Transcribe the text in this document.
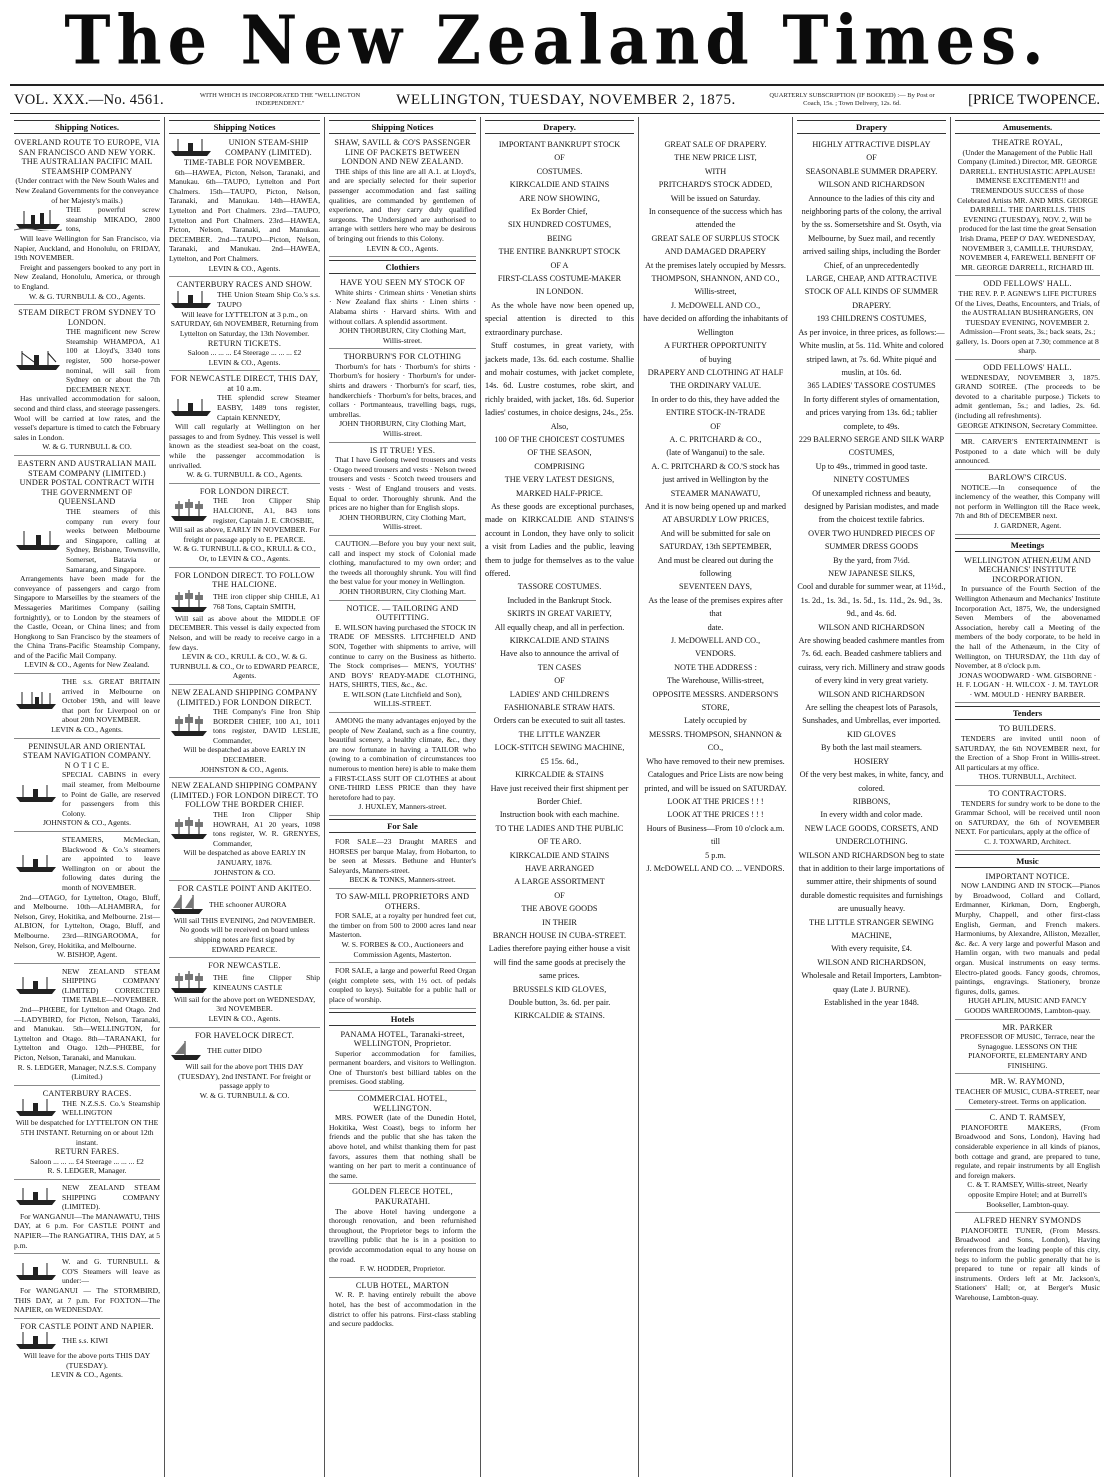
The New Zealand Times.
VOL. XXX.—No. 4561.	WITH WHICH IS INCORPORATED THE "WELLINGTON INDEPENDENT."	WELLINGTON, TUESDAY, NOVEMBER 2, 1875.	QUARTERLY SUBSCRIPTION (IF BOOKED) :— By Post or Coach, 15s. ; Town Delivery, 12s. 6d.	[PRICE TWOPENCE.
Shipping Notices.

OVERLAND ROUTE TO EUROPE, VIA SAN FRANCISCO AND NEW YORK.

THE AUSTRALIAN PACIFIC MAIL STEAMSHIP COMPANY

(Under contract with the New South Wales and New Zealand Governments for the conveyance of her Majesty's mails.)

THE powerful screw steamship MIKADO, 2800 tons,

Will leave Wellington for San Francisco, via Napier, Auckland, and Honolulu, on FRIDAY, 19th NOVEMBER.

Freight and passengers booked to any port in New Zealand, Honolulu, America, or through to England.

W. & G. TURNBULL & CO., Agents.

STEAM DIRECT FROM SYDNEY TO LONDON.

THE magnificent new Screw Steamship WHAMPOA, A1 100 at Lloyd's, 3340 tons register, 500 horse-power nominal, will sail from Sydney on or about the 7th DECEMBER NEXT.

Has unrivalled accommodation for saloon, second and third class, and steerage passengers. Wool will be carried at low rates, and the vessel's departure is timed to catch the February sales in London.

W. & G. TURNBULL & CO.

EASTERN AND AUSTRALIAN MAIL STEAM COMPANY (LIMITED.)

UNDER POSTAL CONTRACT WITH THE GOVERNMENT OF QUEENSLAND

THE steamers of this company run every four weeks between Melbourne and Singapore, calling at Sydney, Brisbane, Townsville, Somerset, Batavia or Samarang, and Singapore.

Arrangements have been made for the conveyance of passengers and cargo from Singapore to Marseilles by the steamers of the Messageries Maritimes Company (sailing fortnightly), or to London by the steamers of the Castle, Ocean, or China lines; and from Hongkong to San Francisco by the steamers of the China Trans-Pacific Steamship Company, and of the Pacific Mail Company.

LEVIN & CO., Agents for New Zealand.

THE s.s. GREAT BRITAIN arrived in Melbourne on October 19th, and will leave that port for Liverpool on or about 20th NOVEMBER.

LEVIN & CO., Agents.

PENINSULAR AND ORIENTAL STEAM NAVIGATION COMPANY.

N O T I C E.

SPECIAL CABINS in every mail steamer, from Melbourne to Point de Galle, are reserved for passengers from this Colony.

JOHNSTON & CO., Agents.

STEAMERS, McMeckan, Blackwood & Co.'s steamers are appointed to leave Wellington on or about the following dates during the month of NOVEMBER.

2nd—OTAGO, for Lyttelton, Otago, Bluff, and Melbourne. 10th—ALHAMBRA, for Nelson, Grey, Hokitika, and Melbourne. 21st—ALBION, for Lyttelton, Otago, Bluff, and Melbourne. 23rd—RINGAROOMA, for Nelson, Grey, Hokitika, and Melbourne.

W. BISHOP, Agent.

NEW ZEALAND STEAM SHIPPING COMPANY (LIMITED) CORRECTED TIME TABLE—NOVEMBER.

2nd—PHŒBE, for Lyttelton and Otago. 2nd—LADYBIRD, for Picton, Nelson, Taranaki, and Manukau. 5th—WELLINGTON, for Lyttelton and Otago. 8th—TARANAKI, for Lyttelton and Otago. 12th—PHŒBE, for Picton, Nelson, Taranaki, and Manukau.

R. S. LEDGER, Manager, N.Z.S.S. Company (Limited.)

CANTERBURY RACES.

THE N.Z.S.S. Co.'s Steamship WELLINGTON

Will be despatched for LYTTELTON ON THE 5TH INSTANT. Returning on or about 12th instant.

RETURN FARES.

Saloon ... ... ... £4 Steerage ... ... ... £2

R. S. LEDGER, Manager.

NEW ZEALAND STEAM SHIPPING COMPANY (LIMITED).

For WANGANUI—The MANAWATU, THIS DAY, at 6 p.m. For CASTLE POINT and NAPIER—The RANGATIRA, THIS DAY, at 5 p.m.

W. and G. TURNBULL & CO'S Steamers will leave as under:—

For WANGANUI — The STORMBIRD, THIS DAY, at 7 p.m. For FOXTON—The NAPIER, on WEDNESDAY.

FOR CASTLE POINT AND NAPIER.

THE s.s. KIWI

Will leave for the above ports THIS DAY (TUESDAY).

LEVIN & CO., Agents.

Shipping Notices

UNION STEAM-SHIP COMPANY (LIMITED).

TIME-TABLE FOR NOVEMBER.

6th—HAWEA, Picton, Nelson, Taranaki, and Manukau. 6th—TAUPO, Lyttelton and Port Chalmers. 15th—TAUPO, Picton, Nelson, Taranaki, and Manukau. 14th—HAWEA, Lyttelton and Port Chalmers. 23rd—TAUPO, Lyttelton and Port Chalmers. 23rd—HAWEA, Picton, Nelson, Taranaki, and Manukau. DECEMBER. 2nd—TAUPO—Picton, Nelson, Taranaki, and Manukau. 2nd—HAWEA, Lyttelton, and Port Chalmers.

LEVIN & CO., Agents.

CANTERBURY RACES AND SHOW.

THE Union Steam Ship Co.'s s.s. TAUPO

Will leave for LYTTELTON at 3 p.m., on SATURDAY, 6th NOVEMBER, Returning from Lyttelton on Saturday, the 13th November.

RETURN TICKETS.

Saloon ... ... ... £4 Steerage ... ... ... £2

LEVIN & CO., Agents.

FOR NEWCASTLE DIRECT, THIS DAY, at 10 a.m.

THE splendid screw Steamer EASBY, 1489 tons register, Captain KENNEDY,

Will call regularly at Wellington on her passages to and from Sydney. This vessel is well known as the steadiest sea-boat on the coast, while the passenger accommodation is unrivalled.

W. & G. TURNBULL & CO., Agents.

FOR LONDON DIRECT.

THE Iron Clipper Ship HALCIONE, A1, 843 tons register, Captain J. E. CROSBIE,

Will sail as above, EARLY IN NOVEMBER. For freight or passage apply to E. PEARCE.

W. & G. TURNBULL & CO., KRULL & CO., Or, to LEVIN & CO., Agents.

FOR LONDON DIRECT. TO FOLLOW THE HALCIONE.

THE iron clipper ship CHILE, A1 768 Tons, Captain SMITH,

Will sail as above about the MIDDLE OF DECEMBER. This vessel is daily expected from Nelson, and will be ready to receive cargo in a few days.

LEVIN & CO., KRULL & CO., W. & G. TURNBULL & CO., Or to EDWARD PEARCE, Agents.

NEW ZEALAND SHIPPING COMPANY (LIMITED.) FOR LONDON DIRECT.

THE Company's Fine Iron Ship BORDER CHIEF, 100 A1, 1011 tons register, DAVID LESLIE, Commander,

Will be despatched as above EARLY IN DECEMBER.

JOHNSTON & CO., Agents.

NEW ZEALAND SHIPPING COMPANY (LIMITED.) FOR LONDON DIRECT. TO FOLLOW THE BORDER CHIEF.

THE Iron Clipper Ship HOWRAH, A1 20 years, 1098 tons register, W. R. GRENYES, Commander,

Will be despatched as above EARLY IN JANUARY, 1876.

JOHNSTON & CO.

FOR CASTLE POINT AND AKITEO.

THE schooner AURORA

Will sail THIS EVENING, 2nd NOVEMBER. No goods will be received on board unless shipping notes are first signed by

EDWARD PEARCE.

FOR NEWCASTLE.

THE fine Clipper Ship KINEAUNS CASTLE

Will sail for the above port on WEDNESDAY, 3rd NOVEMBER.

LEVIN & CO., Agents.

FOR HAVELOCK DIRECT.

THE cutter DIDO

Will sail for the above port THIS DAY (TUESDAY), 2nd INSTANT. For freight or passage apply to

W. & G. TURNBULL & CO.

Shipping Notices

SHAW, SAVILL & CO'S PASSENGER LINE OF PACKETS BETWEEN LONDON AND NEW ZEALAND.

THE ships of this line are all A.1. at Lloyd's, and are specially selected for their superior passenger accommodation and fast sailing qualities, are commanded by gentlemen of experience, and they carry duly qualified surgeons. The Undersigned are authorised to arrange with settlers here who may be desirous of bringing out friends to this Colony.

LEVIN & CO., Agents.

Clothiers

HAVE YOU SEEN MY STOCK OF

White shirts · Crimean shirts · Venetian shirts · New Zealand flax shirts · Linen shirts · Alabama shirts · Harvard shirts. With and without collars. A splendid assortment.

JOHN THORBURN, City Clothing Mart, Willis-street.

THORBURN'S FOR CLOTHING

Thorburn's for hats · Thorburn's for shirts · Thorburn's for hosiery · Thorburn's for under-shirts and drawers · Thorburn's for scarf, ties, handkerchiefs · Thorburn's for belts, braces, and collars · Portmanteaus, travelling bags, rugs, umbrellas.

JOHN THORBURN, City Clothing Mart, Willis-street.

IS IT TRUE! YES.

That I have Geelong tweed trousers and vests · Otago tweed trousers and vests · Nelson tweed trousers and vests · Scotch tweed trousers and vests · West of England trousers and vests. Equal to order. Thoroughly shrunk. And the prices are no higher than for English slops.

JOHN THORBURN, City Clothing Mart, Willis-street.

CAUTION.—Before you buy your next suit, call and inspect my stock of Colonial made clothing, manufactured to my own order; and the tweeds all thoroughly shrunk. You will find the best value for your money in Wellington.

JOHN THORBURN, City Clothing Mart.

NOTICE. — TAILORING AND OUTFITTING.

E. WILSON having purchased the STOCK IN TRADE OF MESSRS. LITCHFIELD AND SON, Together with shipments to arrive, will continue to carry on the Business as hitherto. The Stock comprises— MEN'S, YOUTHS' AND BOYS' READY-MADE CLOTHING, HATS, SHIRTS, TIES, &c., &c.

E. WILSON (Late Litchfield and Son), WILLIS-STREET.

AMONG the many advantages enjoyed by the people of New Zealand, such as a fine country, beautiful scenery, a healthy climate, &c., they are now fortunate in having a TAILOR who (owing to a combination of circumstances too numerous to mention here) is able to make them a FIRST-CLASS SUIT OF CLOTHES at about ONE-THIRD LESS PRICE than they have heretofore had to pay.

J. HUXLEY, Manners-street.

For Sale

FOR SALE—23 Draught MARES and HORSES per barque Malay, from Hobarton, to be seen at Messrs. Bethune and Hunter's Saleyards, Manners-street.

BECK & TONKS, Manners-street.

TO SAW-MILL PROPRIETORS AND OTHERS.

FOR SALE, at a royalty per hundred feet cut, the timber on from 500 to 2000 acres land near Masterton.

W. S. FORBES & CO., Auctioneers and Commission Agents, Masterton.

FOR SALE, a large and powerful Reed Organ (eight complete sets, with 1½ oct. of pedals coupled to keys). Suitable for a public hall or place of worship.

Hotels

PANAMA HOTEL, Taranaki-street, WELLINGTON, Proprietor.

Superior accommodation for families, permanent boarders, and visitors to Wellington. One of Thurston's best billiard tables on the premises. Good stabling.

COMMERCIAL HOTEL, WELLINGTON.

MRS. POWER (late of the Dunedin Hotel, Hokitika, West Coast), begs to inform her friends and the public that she has taken the above hotel, and whilst thanking them for past favors, assures them that nothing shall be wanting on her part to merit a continuance of the same.

GOLDEN FLEECE HOTEL, PAKURATAHI.

The above Hotel having undergone a thorough renovation, and been refurnished throughout, the Proprietor begs to inform the travelling public that he is in a position to provide accommodation equal to any house on the road.

F. W. HODDER, Proprietor.

CLUB HOTEL, MARTON

W. R. P. having entirely rebuilt the above hotel, has the best of accommodation in the district to offer his patrons. First-class stabling and secure paddocks.

Drapery.

IMPORTANT BANKRUPT STOCK

OF

COSTUMES.

KIRKCALDIE AND STAINS

ARE NOW SHOWING,

Ex Border Chief,

SIX HUNDRED COSTUMES,

BEING

THE ENTIRE BANKRUPT STOCK

OF A

FIRST-CLASS COSTUME-MAKER

IN LONDON.

As the whole have now been opened up, special attention is directed to this extraordinary purchase.

Stuff costumes, in great variety, with jackets made, 13s. 6d. each costume. Shallie and mohair costumes, with jacket complete, 14s. 6d. Lustre costumes, robe skirt, and richly braided, with jacket, 18s. 6d. Superior ladies' costumes, in choice designs, 24s., 25s.

Also,

100 OF THE CHOICEST COSTUMES

OF THE SEASON,

COMPRISING

THE VERY LATEST DESIGNS,

MARKED HALF-PRICE.

As these goods are exceptional purchases, made on KIRKCALDIE AND STAINS'S account in London, they have only to solicit a visit from Ladies and the public, leaving them to judge for themselves as to the value offered.

TASSORE COSTUMES.

Included in the Bankrupt Stock.

SKIRTS IN GREAT VARIETY,

All equally cheap, and all in perfection.

KIRKCALDIE AND STAINS

Have also to announce the arrival of

TEN CASES

OF

LADIES' AND CHILDREN'S

FASHIONABLE STRAW HATS.

Orders can be executed to suit all tastes.

THE LITTLE WANZER

LOCK-STITCH SEWING MACHINE,

£5 15s. 6d.,

KIRKCALDIE & STAINS

Have just received their first shipment per Border Chief.

Instruction book with each machine.

TO THE LADIES AND THE PUBLIC

OF TE ARO.

KIRKCALDIE AND STAINS

HAVE ARRANGED

A LARGE ASSORTMENT

OF

THE ABOVE GOODS

IN THEIR

BRANCH HOUSE IN CUBA-STREET.

Ladies therefore paying either house a visit will find the same goods at precisely the same prices.

BRUSSELS KID GLOVES,

Double button, 3s. 6d. per pair.

KIRKCALDIE & STAINS.

GREAT SALE OF DRAPERY.

THE NEW PRICE LIST,

WITH

PRITCHARD'S STOCK ADDED,

Will be issued on Saturday.

In consequence of the success which has

attended the

GREAT SALE OF SURPLUS STOCK

AND DAMAGED DRAPERY

At the premises lately occupied by Messrs.

THOMPSON, SHANNON, AND CO., Willis-street,

J. McDOWELL AND CO.,

have decided on affording the inhabitants of

Wellington

A FURTHER OPPORTUNITY

of buying

DRAPERY AND CLOTHING AT HALF

THE ORDINARY VALUE.

In order to do this, they have added the

ENTIRE STOCK-IN-TRADE

OF

A. C. PRITCHARD & CO.,

(late of Wanganui) to the sale.

A. C. PRITCHARD & CO.'S stock has

just arrived in Wellington by the

STEAMER MANAWATU,

And it is now being opened up and marked

AT ABSURDLY LOW PRICES,

And will be submitted for sale on

SATURDAY, 13th SEPTEMBER,

And must be cleared out during the following

SEVENTEEN DAYS,

As the lease of the premises expires after that

date.

J. McDOWELL AND CO.,

VENDORS.

NOTE THE ADDRESS :

The Warehouse, Willis-street,

OPPOSITE MESSRS. ANDERSON'S

STORE,

Lately occupied by

MESSRS. THOMPSON, SHANNON & CO.,

Who have removed to their new premises.

Catalogues and Price Lists are now being

printed, and will be issued on SATURDAY.

LOOK AT THE PRICES ! ! !

LOOK AT THE PRICES ! ! !

Hours of Business—From 10 o'clock a.m. till

5 p.m.

J. McDOWELL AND CO. ... VENDORS.

Drapery

HIGHLY ATTRACTIVE DISPLAY

OF

SEASONABLE SUMMER DRAPERY.

WILSON AND RICHARDSON

Announce to the ladies of this city and neighboring parts of the colony, the arrival by the ss. Somersetshire and St. Osyth, via Melbourne, by Suez mail, and recently arrived sailing ships, including the Border Chief, of an unprecedentedly

LARGE, CHEAP, AND ATTRACTIVE STOCK OF ALL KINDS OF SUMMER DRAPERY.

193 CHILDREN'S COSTUMES,

As per invoice, in three prices, as follows:—

White muslin, at 5s. 11d. White and colored striped lawn, at 7s. 6d. White piqué and muslin, at 10s. 6d.

365 LADIES' TASSORE COSTUMES

In forty different styles of ornamentation, and prices varying from 13s. 6d.; tablier complete, to 49s.

229 BALERNO SERGE AND SILK WARP COSTUMES,

Up to 49s., trimmed in good taste.

NINETY COSTUMES

Of unexampled richness and beauty, designed by Parisian modistes, and made from the choicest textile fabrics.

OVER TWO HUNDRED PIECES OF SUMMER DRESS GOODS

By the yard, from 7½d.

NEW JAPANESE SILKS,

Cool and durable for summer wear, at 11½d., 1s. 2d., 1s. 3d., 1s. 5d., 1s. 11d., 2s. 9d., 3s. 9d., and 4s. 6d.

WILSON AND RICHARDSON

Are showing beaded cashmere mantles from 7s. 6d. each. Beaded cashmere tabliers and cuirass, very rich. Millinery and straw goods of every kind in very great variety.

WILSON AND RICHARDSON

Are selling the cheapest lots of Parasols, Sunshades, and Umbrellas, ever imported.

KID GLOVES

By both the last mail steamers.

HOSIERY

Of the very best makes, in white, fancy, and colored.

RIBBONS,

In every width and color made.

NEW LACE GOODS, CORSETS, AND UNDERCLOTHING.

WILSON AND RICHARDSON beg to state that in addition to their large importations of summer attire, their shipments of sound durable domestic requisites and furnishings are unusually heavy.

THE LITTLE STRANGER SEWING MACHINE,

With every requisite, £4.

WILSON AND RICHARDSON,

Wholesale and Retail Importers, Lambton-quay (Late J. BURNE).

Established in the year 1848.

Amusements.

THEATRE ROYAL,

(Under the Management of the Public Hall Company (Limited.) Director, MR. GEORGE DARRELL. ENTHUSIASTIC APPLAUSE! IMMENSE EXCITEMENT!! and TREMENDOUS SUCCESS of those Celebrated Artists MR. AND MRS. GEORGE DARRELL. THE DARRELLS. THIS EVENING (TUESDAY), NOV. 2, Will be produced for the last time the great Sensation Irish Drama, PEEP O' DAY. WEDNESDAY, NOVEMBER 3, CAMILLE. THURSDAY, NOVEMBER 4, FAREWELL BENEFIT OF MR. GEORGE DARRELL, RICHARD III.

ODD FELLOWS' HALL.

THE REV. P. P. AGNEW'S LIFE PICTURES Of the Lives, Deaths, Encounters, and Trials, of the AUSTRALIAN BUSHRANGERS, ON TUESDAY EVENING, NOVEMBER 2. Admission—Front seats, 3s.; back seats, 2s.; gallery, 1s. Doors open at 7.30; commence at 8 sharp.

ODD FELLOWS' HALL.

WEDNESDAY, NOVEMBER 3, 1875. GRAND SOIREE. (The proceeds to be devoted to a charitable purpose.) Tickets to admit gentleman, 5s.; and ladies, 2s. 6d. (including all refreshments).

GEORGE ATKINSON, Secretary Committee.

MR. CARVER'S ENTERTAINMENT is Postponed to a date which will be duly announced.

BARLOW'S CIRCUS.

NOTICE.—In consequence of the inclemency of the weather, this Company will not perform in Wellington till the Race week, 7th and 8th of DECEMBER next.

J. GARDNER, Agent.

Meetings

WELLINGTON ATHENÆUM AND MECHANICS' INSTITUTE INCORPORATION.

In pursuance of the Fourth Section of the Wellington Athenæum and Mechanics' Institute Incorporation Act, 1875, We, the undersigned Seven Members of the abovenamed Association, hereby call a Meeting of the members of the body corporate, to be held in the hall of the Athenæum, in the City of Wellington, on THURSDAY, the 11th day of November, at 8 o'clock p.m.

JONAS WOODWARD · WM. GISBORNE · H. F. LOGAN · H. WILCOX · J. M. TAYLOR · WM. MOULD · HENRY BARBER.

Tenders

TO BUILDERS.

TENDERS are invited until noon of SATURDAY, the 6th NOVEMBER next, for the Erection of a Shop Front in Willis-street. All particulars at my office.

THOS. TURNBULL, Architect.

TO CONTRACTORS.

TENDERS for sundry work to be done to the Grammar School, will be received until noon on SATURDAY, the 6th of NOVEMBER NEXT. For particulars, apply at the office of

C. J. TOXWARD, Architect.

Music

IMPORTANT NOTICE.

NOW LANDING AND IN STOCK—Pianos by Broadwood, Collard and Collard, Erdmanner, Kirkman, Dorn, Engbergh, Murphy, Chappell, and other first-class English, German, and French makers. Harmoniums, by Alexandre, Alliston, Mezaller, &c. &c. A very large and powerful Mason and Hamlin organ, with two manuals and pedal organ. Musical instruments on easy terms. Electro-plated goods. Fancy goods, chromos, paintings, engravings. Stationery, bronze figures, dolls, games.

HUGH APLIN, MUSIC AND FANCY GOODS WAREROOMS, Lambton-quay.

MR. PARKER

PROFESSOR OF MUSIC, Terrace, near the Synagogue. LESSONS ON THE PIANOFORTE, ELEMENTARY AND FINISHING.

MR. W. RAYMOND,

TEACHER OF MUSIC, CUBA-STREET, near Cemetery-street. Terms on application.

C. AND T. RAMSEY,

PIANOFORTE MAKERS, (From Broadwood and Sons, London), Having had considerable experience in all kinds of pianos, both cottage and grand, are prepared to tune, regulate, and repair instruments by all English and foreign makers.

C. & T. RAMSEY, Willis-street, Nearly opposite Empire Hotel; and at Burrell's Bookseller, Lambton-quay.

ALFRED HENRY SYMONDS

PIANOFORTE TUNER, (From Messrs. Broadwood and Sons, London), Having references from the leading people of this city, begs to inform the public generally that he is prepared to tune or repair all kinds of instruments. Orders left at Mr. Jackson's, Stationers' Hall; or, at Berger's Music Warehouse, Lambton-quay.
